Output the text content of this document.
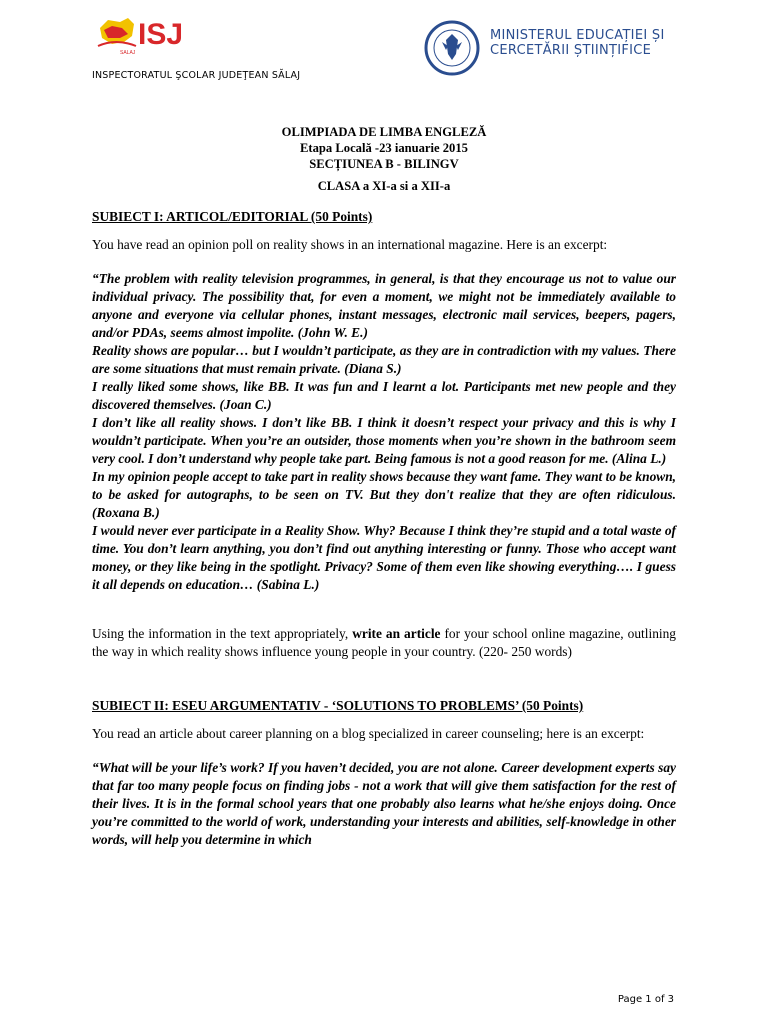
ISJ
SALAJ
MINISTERUL EDUCAȚIEI ȘI
CERCETĂRII ȘTIINȚIFICE
INSPECTORATUL ŞCOLAR JUDEŢEAN SĂLAJ
OLIMPIADA DE LIMBA ENGLEZĂ
Etapa Locală -23 ianuarie 2015
SECȚIUNEA B - BILINGV
CLASA a XI-a si a XII-a
SUBIECT I: ARTICOL/EDITORIAL (50 Points)

You have read an opinion poll on reality shows in an international magazine. Here is an excerpt:

“The problem with reality television programmes, in general, is that they encourage us not to value our individual privacy. The possibility that, for even a moment, we might not be immediately available to anyone and everyone via cellular phones, instant messages, electronic mail services, beepers, pagers, and/or PDAs, seems almost impolite. (John W. E.)

Reality shows are popular… but I wouldn’t participate, as they are in contradiction with my values. There are some situations that must remain private. (Diana S.)

I really liked some shows, like BB. It was fun and I learnt a lot. Participants met new people and they discovered themselves. (Joan C.)

I don’t like all reality shows. I don’t like BB. I think it doesn’t respect your privacy and this is why I wouldn’t participate. When you’re an outsider, those moments when you’re shown in the bathroom seem very cool. I don’t understand why people take part. Being famous is not a good reason for me. (Alina L.)

In my opinion people accept to take part in reality shows because they want fame. They want to be known, to be asked for autographs, to be seen on TV. But they don't realize that they are often ridiculous. (Roxana B.)

I would never ever participate in a Reality Show. Why? Because I think they’re stupid and a total waste of time. You don’t learn anything, you don’t find out anything interesting or funny. Those who accept want money, or they like being in the spotlight. Privacy? Some of them even like showing everything…. I guess it all depends on education… (Sabina L.)

Using the information in the text appropriately, write an article for your school online magazine, outlining the way in which reality shows influence young people in your country. (220- 250 words)

SUBIECT II: ESEU ARGUMENTATIV - ‘SOLUTIONS TO PROBLEMS’ (50 Points)

You read an article about career planning on a blog specialized in career counseling; here is an excerpt:

“What will be your life’s work? If you haven’t decided, you are not alone. Career development experts say that far too many people focus on finding jobs - not a work that will give them satisfaction for the rest of their lives. It is in the formal school years that one probably also learns what he/she enjoys doing. Once you’re committed to the world of work, understanding your interests and abilities, self-knowledge in other words, will help you determine in which

Page 1 of 3
